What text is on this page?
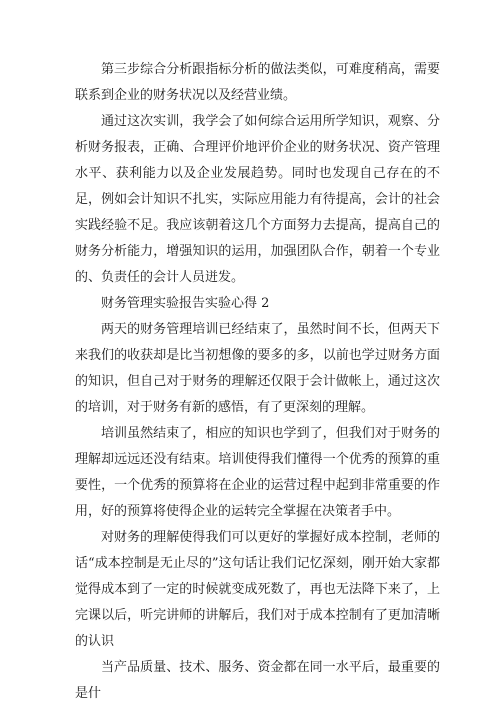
第三步综合分析跟指标分析的做法类似，可难度稍高，需要联系到企业的财务状况以及经营业绩。

通过这次实训，我学会了如何综合运用所学知识，观察、分析财务报表，正确、合理评价地评价企业的财务状况、资产管理水平、获利能力以及企业发展趋势。同时也发现自己存在的不足，例如会计知识不扎实，实际应用能力有待提高，会计的社会实践经验不足。我应该朝着这几个方面努力去提高，提高自己的财务分析能力，增强知识的运用，加强团队合作，朝着一个专业的、负责任的会计人员迸发。

财务管理实验报告实验心得 2

两天的财务管理培训已经结束了，虽然时间不长，但两天下来我们的收获却是比当初想像的要多的多，以前也学过财务方面的知识，但自己对于财务的理解还仅限于会计做帐上，通过这次的培训，对于财务有新的感悟，有了更深刻的理解。

培训虽然结束了，相应的知识也学到了，但我们对于财务的理解却远远还没有结束。培训使得我们懂得一个优秀的预算的重要性，一个优秀的预算将在企业的运营过程中起到非常重要的作用，好的预算将使得企业的运转完全掌握在决策者手中。

对财务的理解使得我们可以更好的掌握好成本控制，老师的话“成本控制是无止尽的”这句话让我们记忆深刻，刚开始大家都觉得成本到了一定的时候就变成死数了，再也无法降下来了，上完课以后，听完讲师的讲解后，我们对于成本控制有了更加清晰的认识

当产品质量、技术、服务、资金都在同一水平后，最重要的是什
